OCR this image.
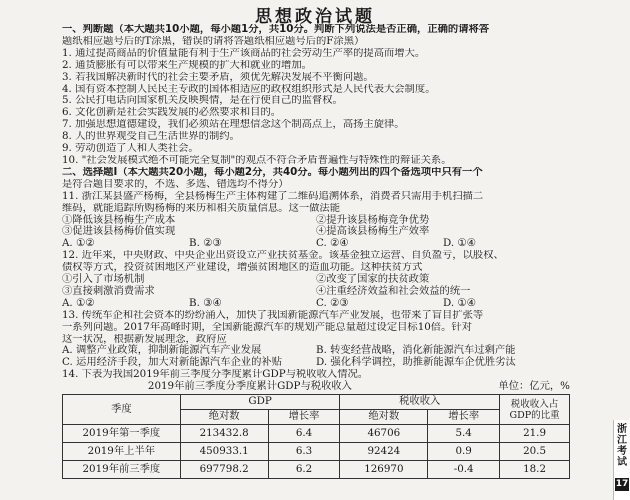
思想政治试题
一、判断题（本大题共10小题，每小题1分，共10分。判断下列说法是否正确，正确的请将答
题纸相应题号后的T涂黑，错误的请将答题纸相应题号后的F涂黑）
1. 通过提高商品的价值量能有利于生产该商品的社会劳动生产率的提高而增大。
2. 通货膨胀有可以带来生产规模的扩大和就业的增加。
3. 若我国解决新时代的社会主要矛盾，须优先解决发展不平衡问题。
4. 国有资本控制人民民主专政的国体相适应的政权组织形式是人民代表大会制度。
5. 公民打电话向国家机关反映舆情，是在行使自己的监督权。
6. 文化创新是社会实践发展的必然要求和目的。
7. 加强思想道德建设，我们必须站在理想信念这个制高点上，高扬主旋律。
8. 人的世界观受自己生活世界的制约。
9. 劳动创造了人和人类社会。
10. "社会发展模式绝不可能完全复制"的观点不符合矛盾普遍性与特殊性的辩证关系。
二、选择题Ⅰ（本大题共20小题，每小题2分，共40分。每小题列出的四个备选项中只有一个
是符合题目要求的，不选、多选、错选均不得分）
11. 浙江某县盛产杨梅，全县杨梅生产主体构建了二维码追溯体系，消费者只需用手机扫描二
维码，就能追踪所购杨梅的来历和相关质量信息。这一做法能
①降低该县杨梅生产成本	②提升该县杨梅竞争优势
③促进该县杨梅价值实现	④提高该县杨梅生产效率
A. ①②	B. ②③	C. ②④	D. ①④
12. 近年来，中央财政、中央企业出资设立产业扶贫基金。该基金独立运营、自负盈亏，以股权、
债权等方式，投资贫困地区产业建设，增强贫困地区的造血功能。这种扶贫方式
①引入了市场机制	②改变了国家的扶贫政策
③直接刺激消费需求	④注重经济效益和社会效益的统一
A. ①②	B. ③④	C. ②③	D. ①④
13. 传统车企和社会资本的纷纷涌入，加快了我国新能源汽车产业发展，也带来了盲目扩张等
一系列问题。2017年高峰时期，全国新能源汽车的规划产能总量超过设定目标10倍。针对
这一状况，根据新发展理念，政府应
A. 调整产业政策，抑制新能源汽车产业发展	B. 转变经营战略，消化新能源汽车过剩产能
C. 运用经济手段，加大对新能源汽车企业的补贴	D. 强化科学调控，助推新能源车企优胜劣汰
14. 下表为我国2019年前三季度分季度累计GDP与税收收入情况。
2019年前三季度分季度累计GDP与税收收入	单位：亿元，%
季度	GDP		税收收入		税收收入占GDP的比重
	绝对数	增长率	绝对数	增长率	
2019年第一季度	213432.8	6.4	46706	5.4	21.9
2019年上半年	450933.1	6.3	92424	0.9	20.5
2019年前三季度	697798.2	6.2	126970	-0.4	18.2
浙江考试
17
